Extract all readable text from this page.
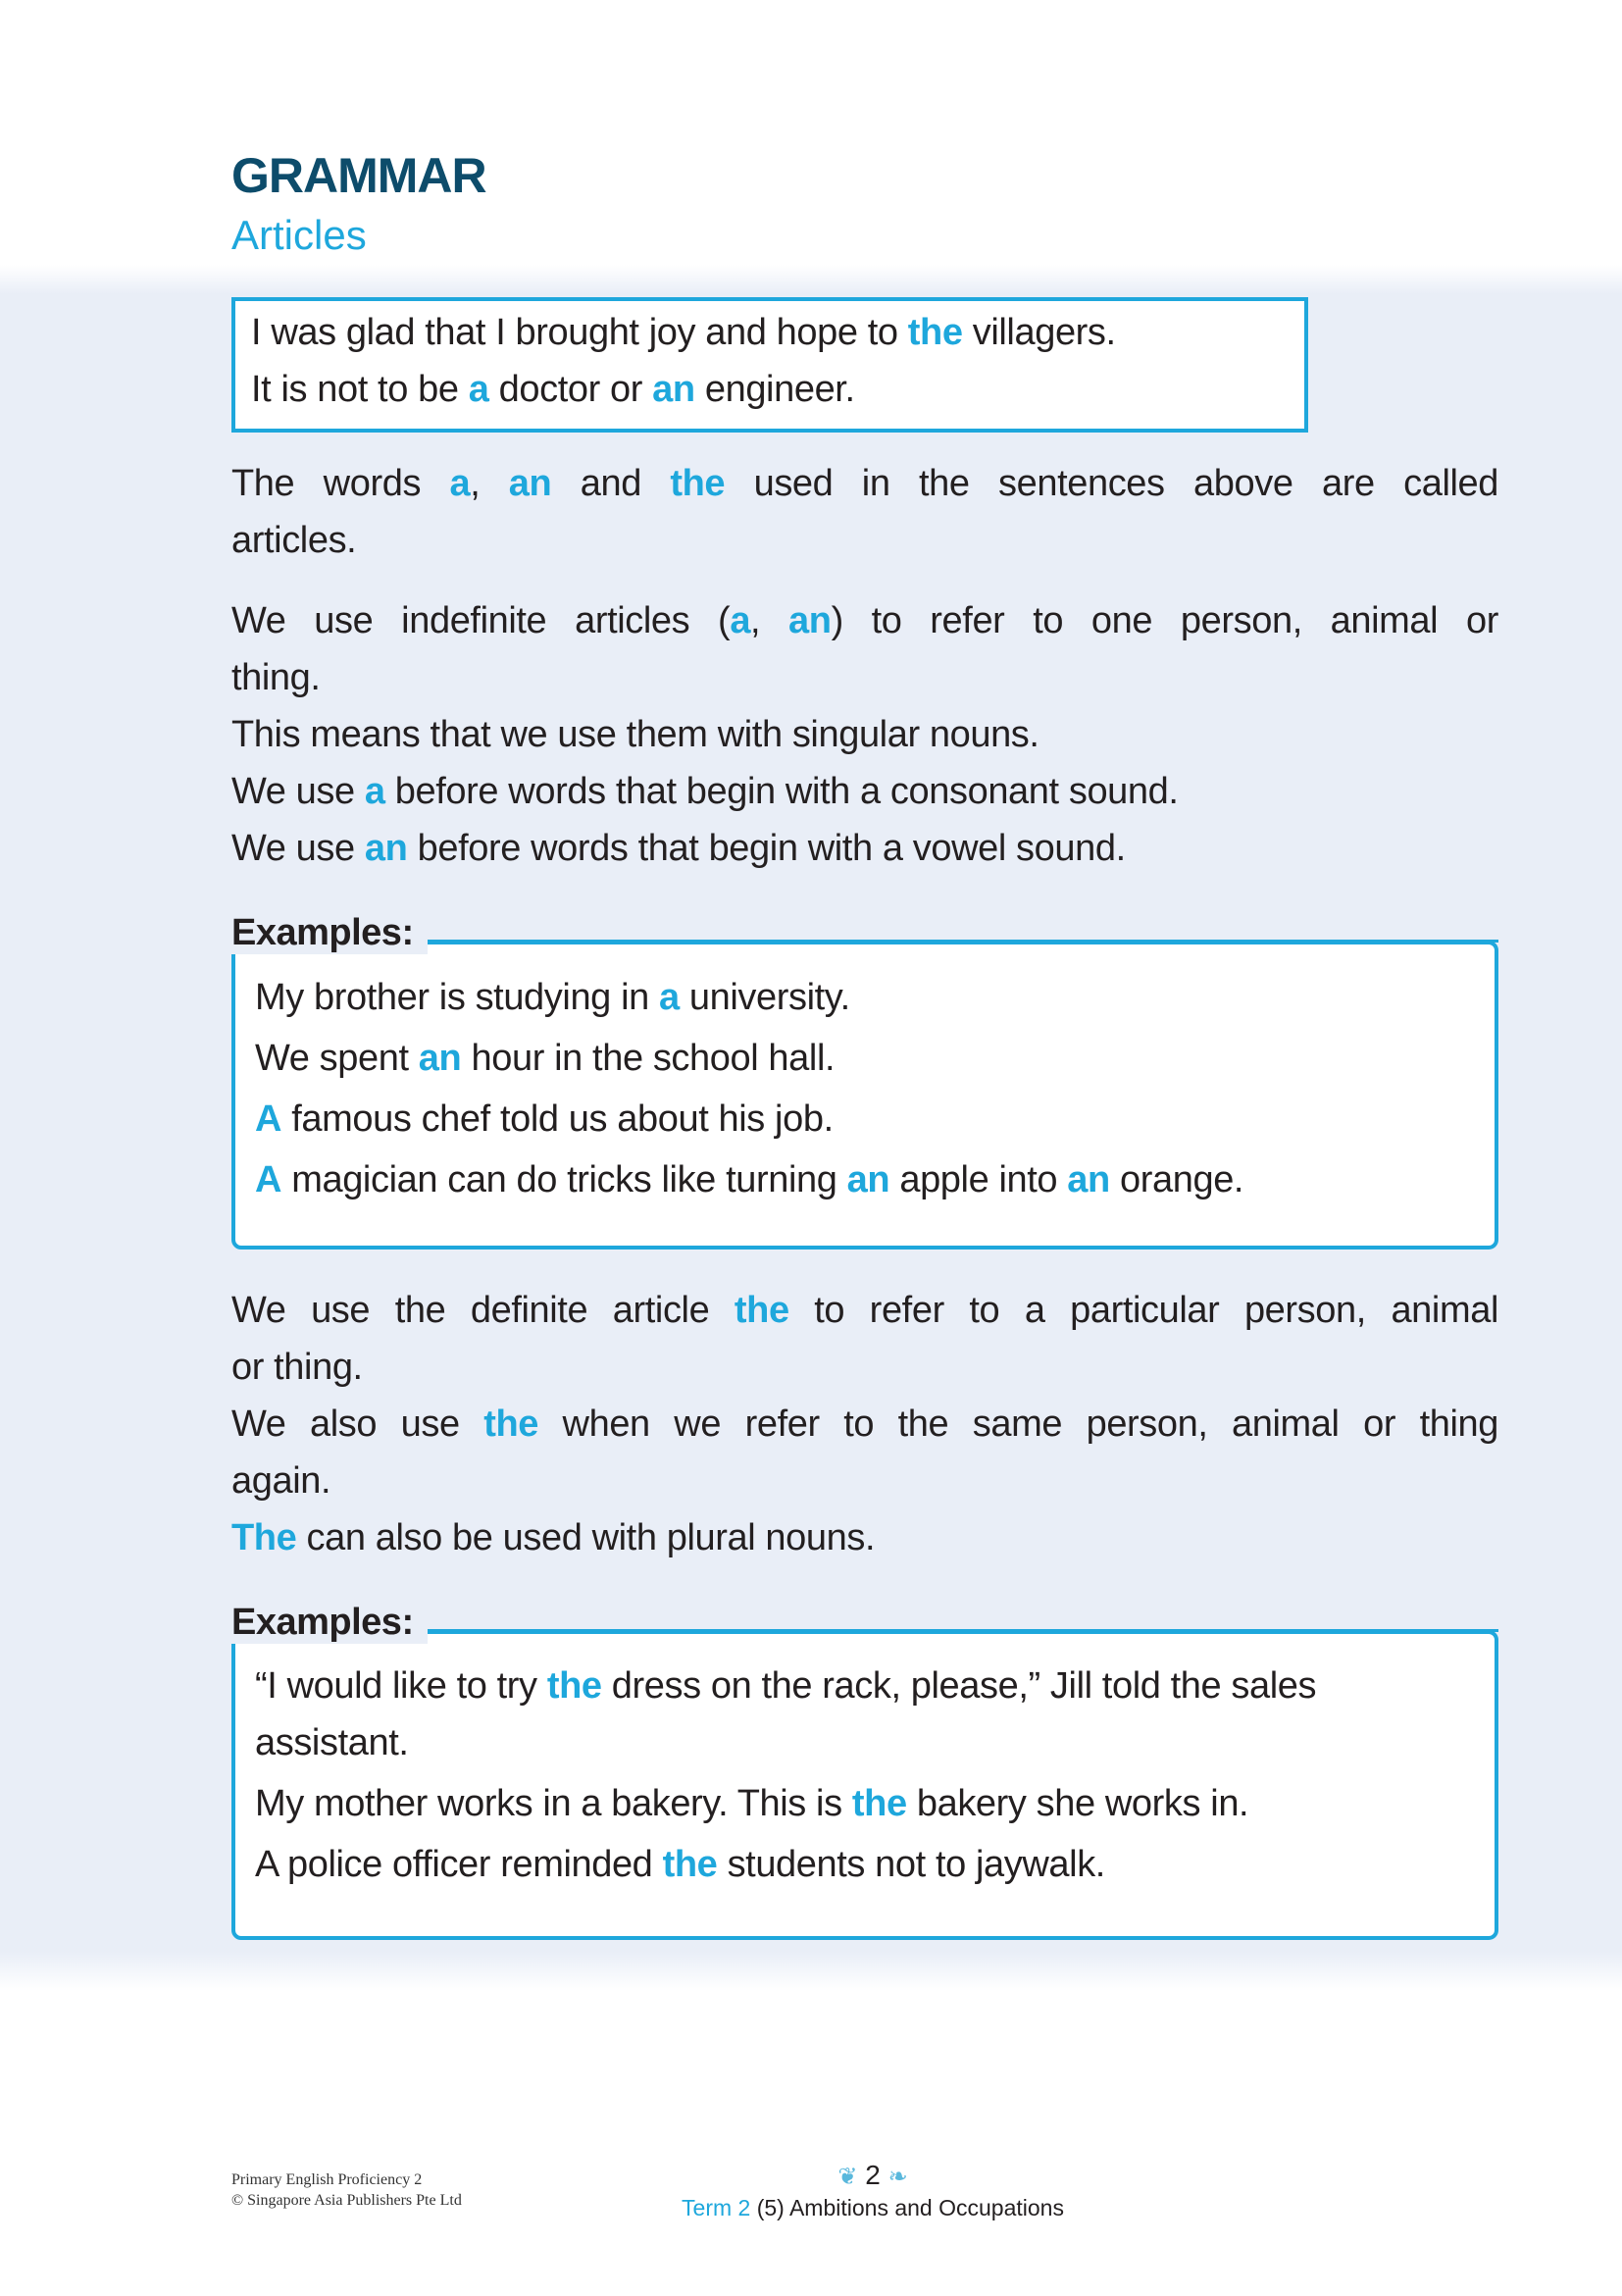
GRAMMAR
Articles
I was glad that I brought joy and hope to the villagers.
It is not to be a doctor or an engineer.
The words a, an and the used in the sentences above are called
articles.
We use indefinite articles (a, an) to refer to one person, animal or
thing.
This means that we use them with singular nouns.
We use a before words that begin with a consonant sound.
We use an before words that begin with a vowel sound.
Examples:
My brother is studying in a university.
We spent an hour in the school hall.
A famous chef told us about his job.
A magician can do tricks like turning an apple into an orange.
We use the definite article the to refer to a particular person, animal
or thing.
We also use the when we refer to the same person, animal or thing
again.
The can also be used with plural nouns.
Examples:
“I would like to try the dress on the rack, please,” Jill told the sales
assistant.
My mother works in a bakery. This is the bakery she works in.
A police officer reminded the students not to jaywalk.
Primary English Proficiency 2
© Singapore Asia Publishers Pte Ltd
❦ 2 ❧
Term 2 (5) Ambitions and Occupations
